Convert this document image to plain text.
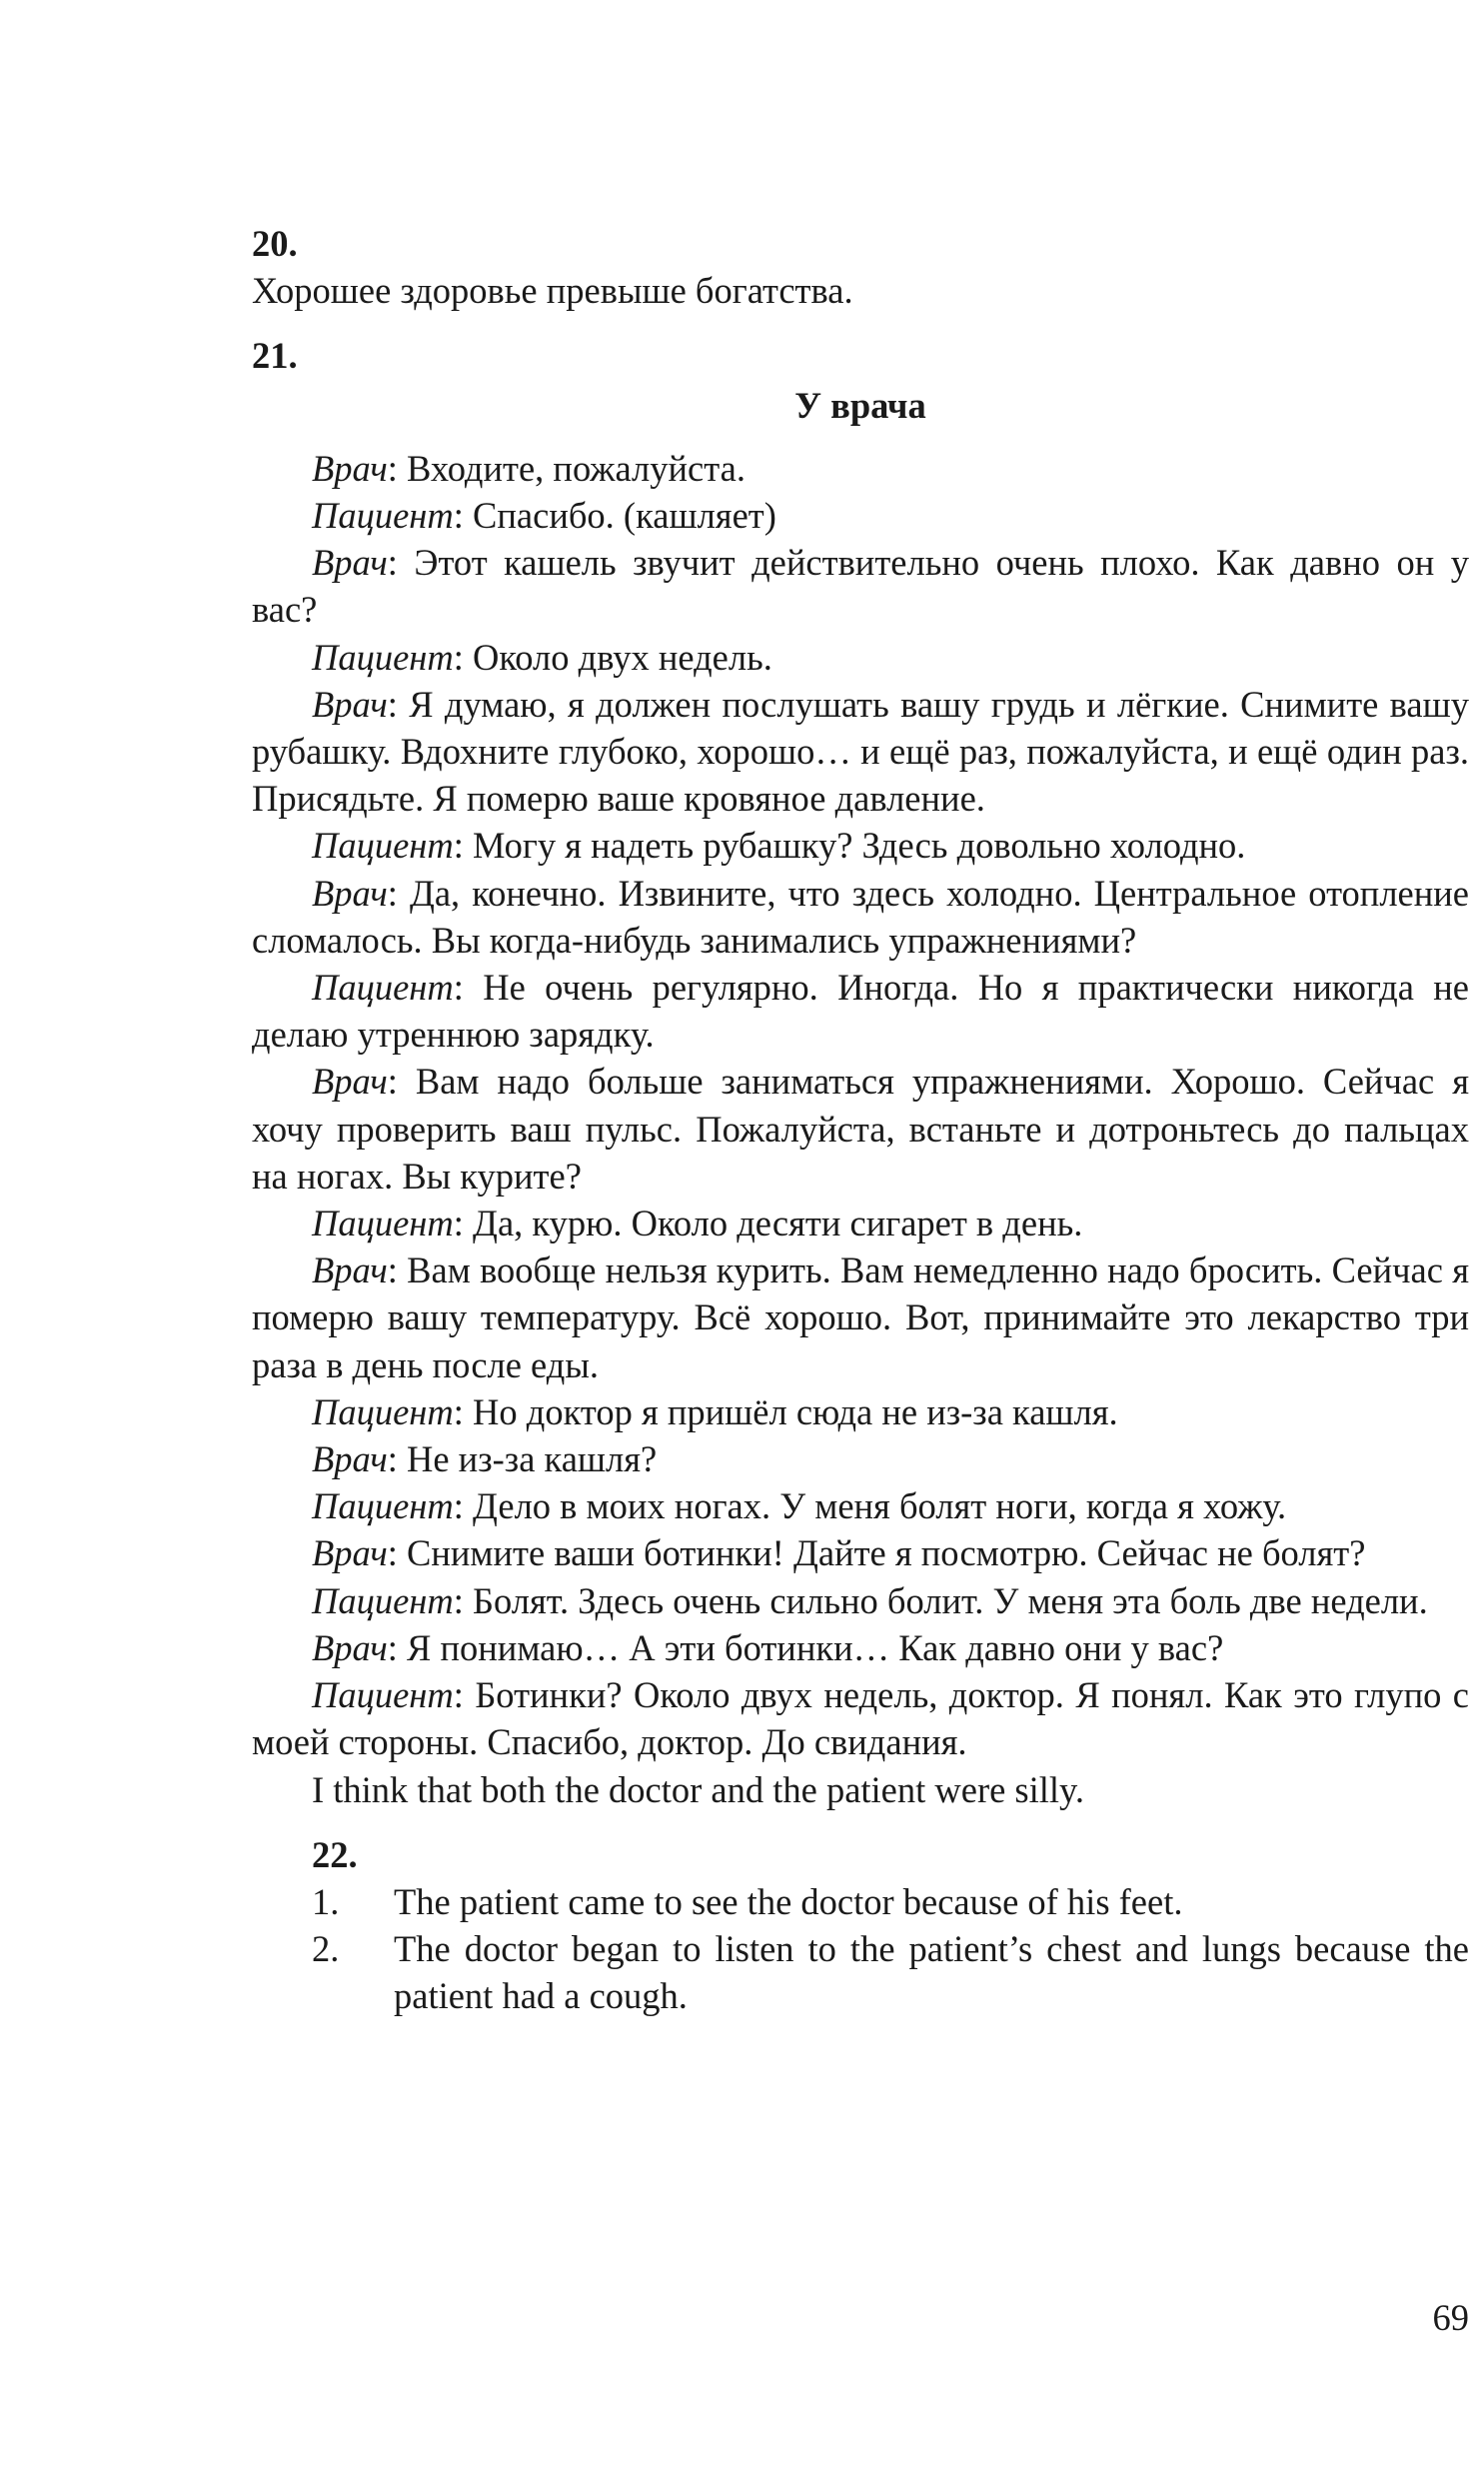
20.
Хорошее здоровье превыше богатства.
21.
У врача

Врач: Входите, пожалуйста.

Пациент: Спасибо. (кашляет)

Врач: Этот кашель звучит действительно очень плохо. Как давно он у вас?

Пациент: Около двух недель.

Врач: Я думаю, я должен послушать вашу грудь и лёгкие. Снимите вашу рубашку. Вдохните глубоко, хорошо… и ещё раз, пожалуйста, и ещё один раз. Присядьте. Я померю ваше кровяное давление.

Пациент: Могу я надеть рубашку? Здесь довольно холодно.

Врач: Да, конечно. Извините, что здесь холодно. Центральное отопление сломалось. Вы когда-нибудь занимались упражнениями?

Пациент: Не очень регулярно. Иногда. Но я практически никогда не делаю утреннюю зарядку.

Врач: Вам надо больше заниматься упражнениями. Хорошо. Сейчас я хочу проверить ваш пульс. Пожалуйста, встаньте и дотроньтесь до пальцах на ногах. Вы курите?

Пациент: Да, курю. Около десяти сигарет в день.

Врач: Вам вообще нельзя курить. Вам немедленно надо бросить. Сейчас я померю вашу температуру. Всё хорошо. Вот, принимайте это лекарство три раза в день после еды.

Пациент: Но доктор я пришёл сюда не из-за кашля.

Врач: Не из-за кашля?

Пациент: Дело в моих ногах. У меня болят ноги, когда я хожу.

Врач: Снимите ваши ботинки! Дайте я посмотрю. Сейчас не болят?

Пациент: Болят. Здесь очень сильно болит. У меня эта боль две недели.

Врач: Я понимаю… А эти ботинки… Как давно они у вас?

Пациент: Ботинки? Около двух недель, доктор. Я понял. Как это глупо с моей стороны. Спасибо, доктор. До свидания.

I think that both the doctor and the patient were silly.

22.
1.	The patient came to see the doctor because of his feet.
2.	The doctor began to listen to the patient’s chest and lungs because the patient had a cough.
69
